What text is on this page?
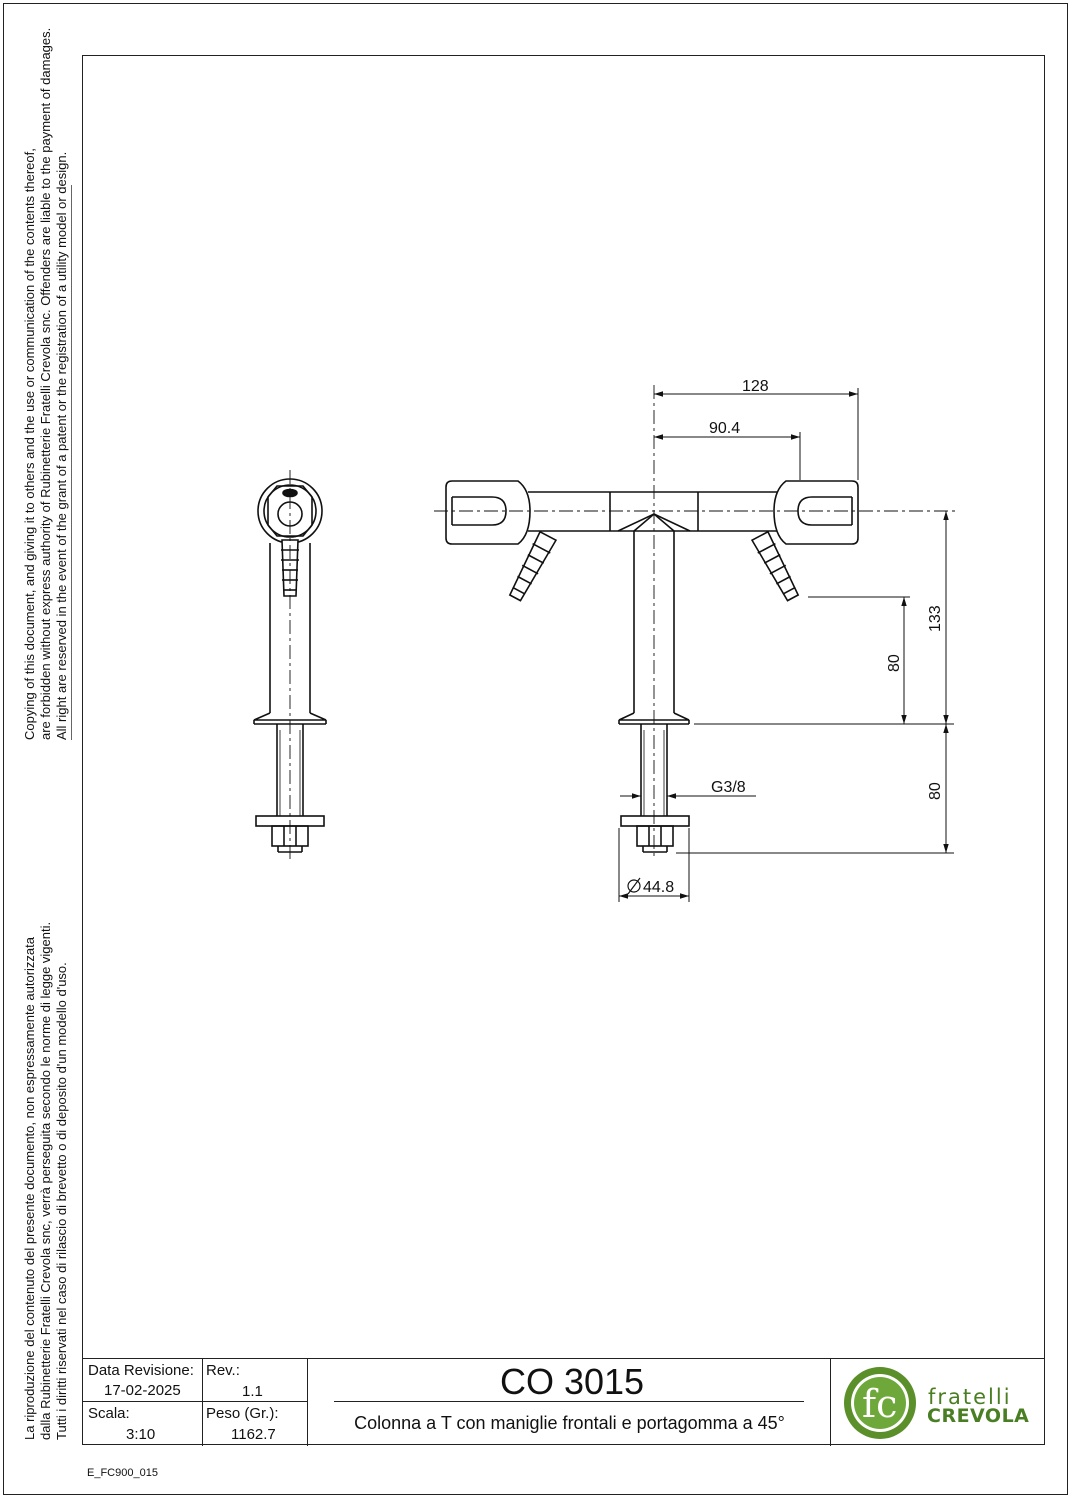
Copying of this document, and giving it to others and the use or communication of the contents thereof, are forbidden without express authority of Rubinetterie Fratelli Crevola snc. Offenders are liable to the payment of damages. All right are reserved in the event of the grant of a patent or the registration of a utility model or design.
La riproduzione del contenuto del presente documento, non espressamente autorizzata dalla Rubinetterie Fratelli Crevola snc, verrà perseguita secondo le norme di legge vigenti. Tutti i diritti riservati nel caso di rilascio di brevetto o di deposito d'un modello d'uso.
128
90.4
133
80
80
G3/8
44.8
Data Revisione:
17-02-2025
Rev.:
1.1
Scala:
3:10
Peso (Gr.):
1162.7
CO 3015
Colonna a T con maniglie frontali e portagomma a 45°	fc fratelli
CREVOLA
E_FC900_015
